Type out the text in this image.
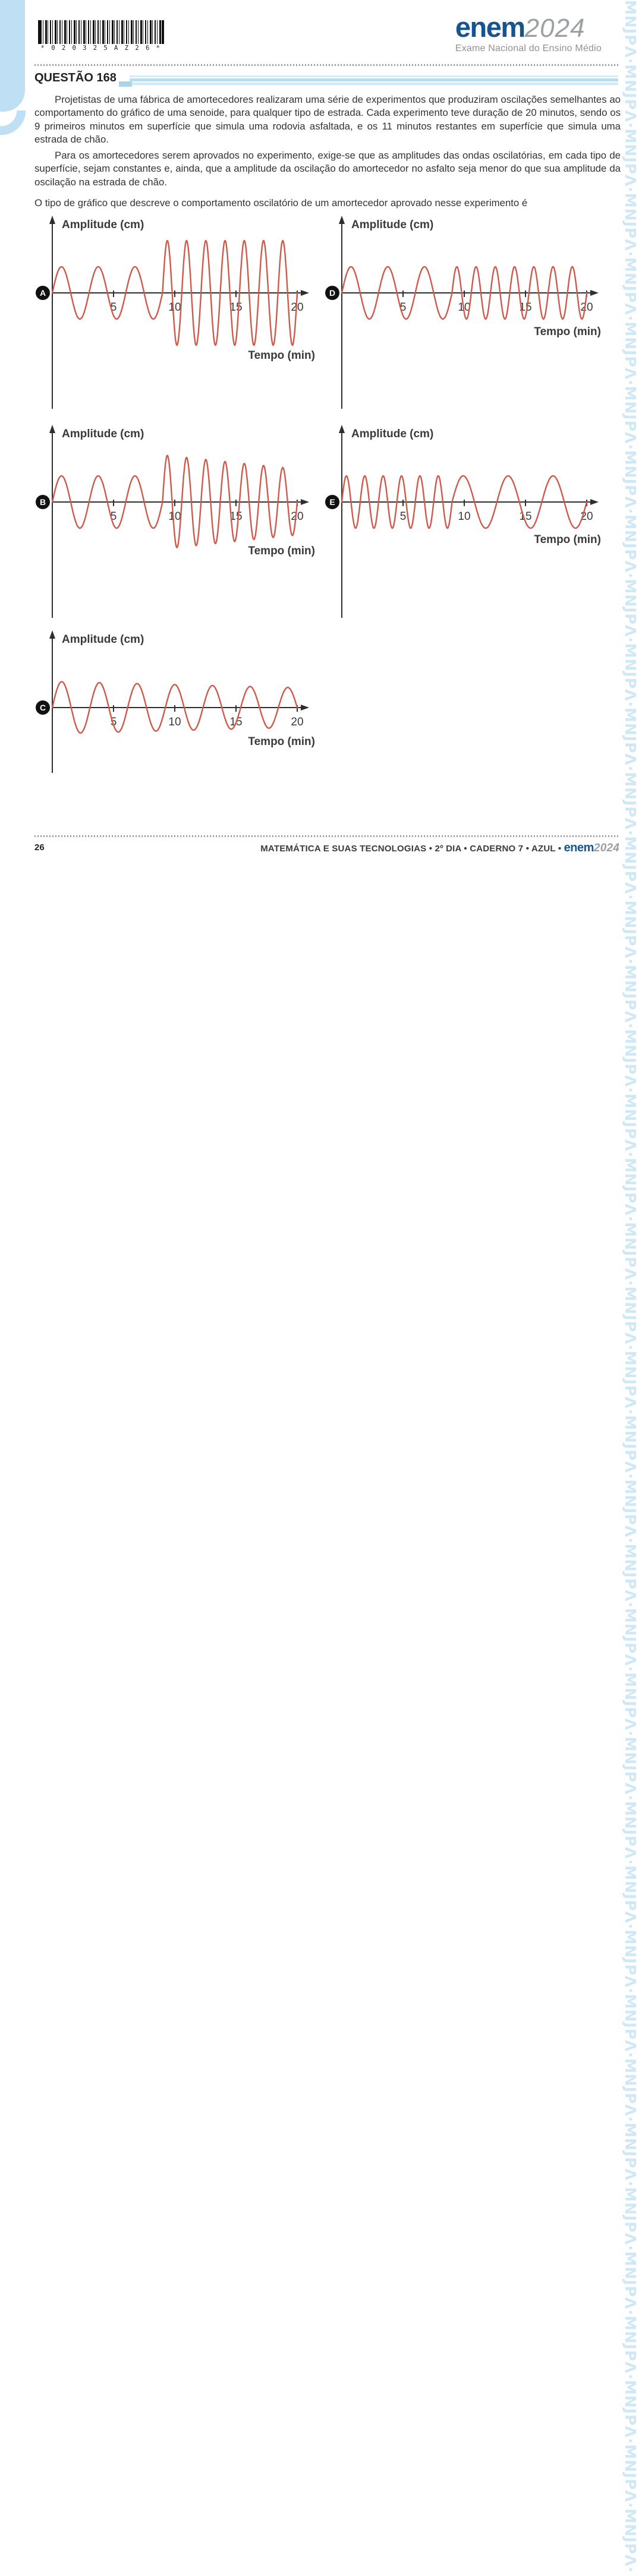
MNЈPΛ·MNЈPΛ·MNЈPΛ·MNЈPΛ·MNЈPΛ·MNЈPΛ·MNЈPΛ·MNЈPΛ·MNЈPΛ·MNЈPΛ·MNЈPΛ·MNЈPΛ·MNЈPΛ·MNЈPΛ·MNЈPΛ·MNЈPΛ·MNЈPΛ·MNЈPΛ·MNЈPΛ·MNЈPΛ·MNЈPΛ·MNЈPΛ·MNЈPΛ·MNЈPΛ·MNЈPΛ·MNЈPΛ·MNЈPΛ·MNЈPΛ·MNЈPΛ·MNЈPΛ·MNЈPΛ·MNЈPΛ·MNЈPΛ·MNЈPΛ·MNЈPΛ·MNЈPΛ·MNЈPΛ·MNЈPΛ·MNЈPΛ·MNЈPΛ·
* 0 2 0 3 2 5 A Z 2 6 *
enem2024
Exame Nacional do Ensino Médio
QUESTÃO 168

Projetistas de uma fábrica de amortecedores realizaram uma série de experimentos que produziram oscilações semelhantes ao comportamento do gráfico de uma senoide, para qualquer tipo de estrada. Cada experimento teve duração de 20 minutos, sendo os 9 primeiros minutos em superfície que simula uma rodovia asfaltada, e os 11 minutos restantes em superfície que simula uma estrada de chão.

Para os amortecedores serem aprovados no experimento, exige-se que as amplitudes das ondas oscilatórias, em cada tipo de superfície, sejam constantes e, ainda, que a amplitude da oscilação do amortecedor no asfalto seja menor do que sua amplitude da oscilação na estrada de chão.

O tipo de gráfico que descreve o comportamento oscilatório de um amortecedor aprovado nesse experimento é

A
Amplitude (cm)
Tempo (min)
5	10	15	20
D
Amplitude (cm)
Tempo (min)
5	10	15	20
B
Amplitude (cm)
Tempo (min)
5	10	15	20
E
Amplitude (cm)
Tempo (min)
5	10	15	20
C
Amplitude (cm)
Tempo (min)
5	10	15	20
26	MATEMÁTICA E SUAS TECNOLOGIAS • 2º DIA • CADERNO 7 • AZUL • enem2024
